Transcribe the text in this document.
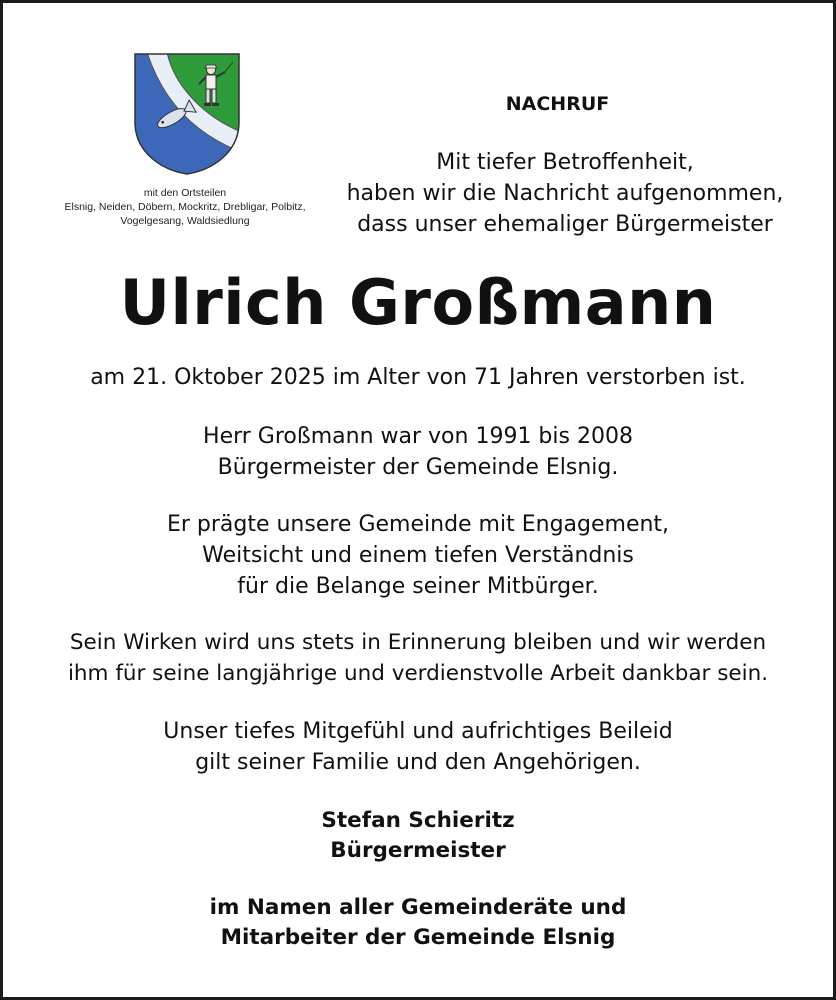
mit den Ortsteilen
Elsnig, Neiden, Döbern, Mockritz, Drebligar, Polbitz,
Vogelgesang, Waldsiedlung
NACHRUF
Mit tiefer Betroffenheit,
haben wir die Nachricht aufgenommen,
dass unser ehemaliger Bürgermeister
Ulrich Großmann
am 21. Oktober 2025 im Alter von 71 Jahren verstorben ist.
Herr Großmann war von 1991 bis 2008
Bürgermeister der Gemeinde Elsnig.
Er prägte unsere Gemeinde mit Engagement,
Weitsicht und einem tiefen Verständnis
für die Belange seiner Mitbürger.
Sein Wirken wird uns stets in Erinnerung bleiben und wir werden
ihm für seine langjährige und verdienstvolle Arbeit dankbar sein.
Unser tiefes Mitgefühl und aufrichtiges Beileid
gilt seiner Familie und den Angehörigen.
Stefan Schieritz
Bürgermeister
im Namen aller Gemeinderäte und
Mitarbeiter der Gemeinde Elsnig
